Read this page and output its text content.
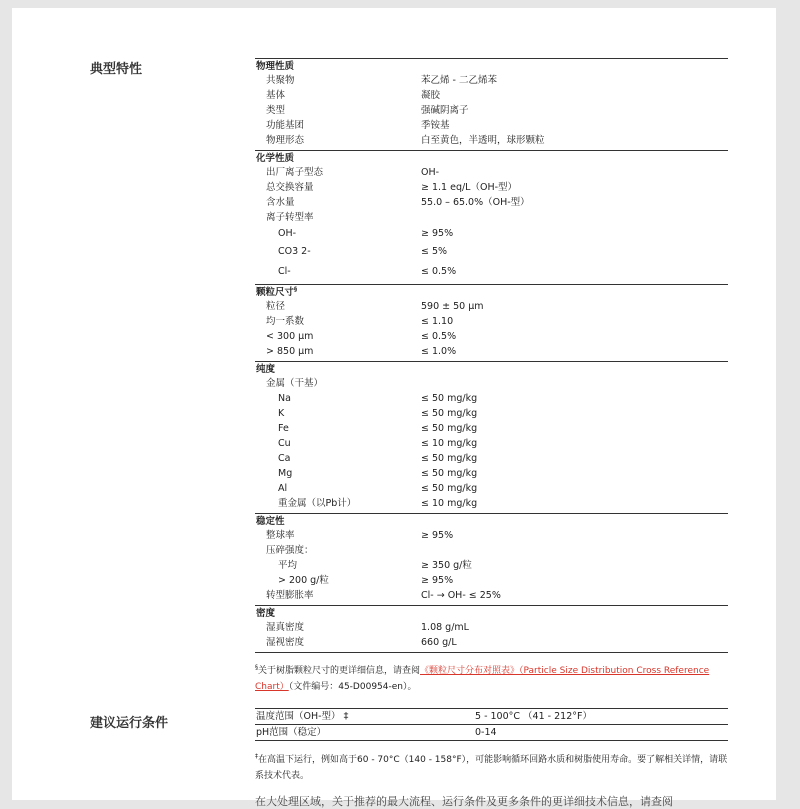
典型特性	物理性质
共聚物	苯乙烯 - 二乙烯苯
基体	凝胶
类型	强碱阴离子
功能基团	季铵基
物理形态	白至黄色，半透明，球形颗粒
化学性质
出厂离子型态	OH-
总交换容量	≥ 1.1 eq/L（OH-型）
含水量	55.0 – 65.0%（OH-型）
离子转型率
OH-	≥ 95%
CO3 2-	≤ 5%
Cl-	≤ 0.5%
颗粒尺寸§
粒径	590 ± 50 μm
均一系数	≤ 1.10
< 300 μm	≤ 0.5%
> 850 μm	≤ 1.0%
纯度
金属（干基）
Na	≤ 50 mg/kg
K	≤ 50 mg/kg
Fe	≤ 50 mg/kg
Cu	≤ 10 mg/kg
Ca	≤ 50 mg/kg
Mg	≤ 50 mg/kg
Al	≤ 50 mg/kg
重金属（以Pb计）	≤ 10 mg/kg
稳定性
整球率	≥ 95%
压碎强度：
平均	≥ 350 g/粒
> 200 g/粒	≥ 95%
转型膨胀率	Cl- → OH- ≤ 25%
密度
湿真密度	1.08 g/mL
湿视密度	660 g/L
§关于树脂颗粒尺寸的更详细信息，请查阅《颗粒尺寸分布对照表》（Particle Size Distribution Cross Reference Chart）（文件编号：45-D00954-en）。
建议运行条件	温度范围（OH-型） ‡	5 - 100°C （41 - 212°F）
pH范围（稳定）	0-14
‡在高温下运行，例如高于60 - 70°C（140 - 158°F），可能影响循环回路水质和树脂使用寿命。要了解相关详情，请联系技术代表。
在大处理区域，关于推荐的最大流程、运行条件及更多条件的更详细技术信息，请查阅
